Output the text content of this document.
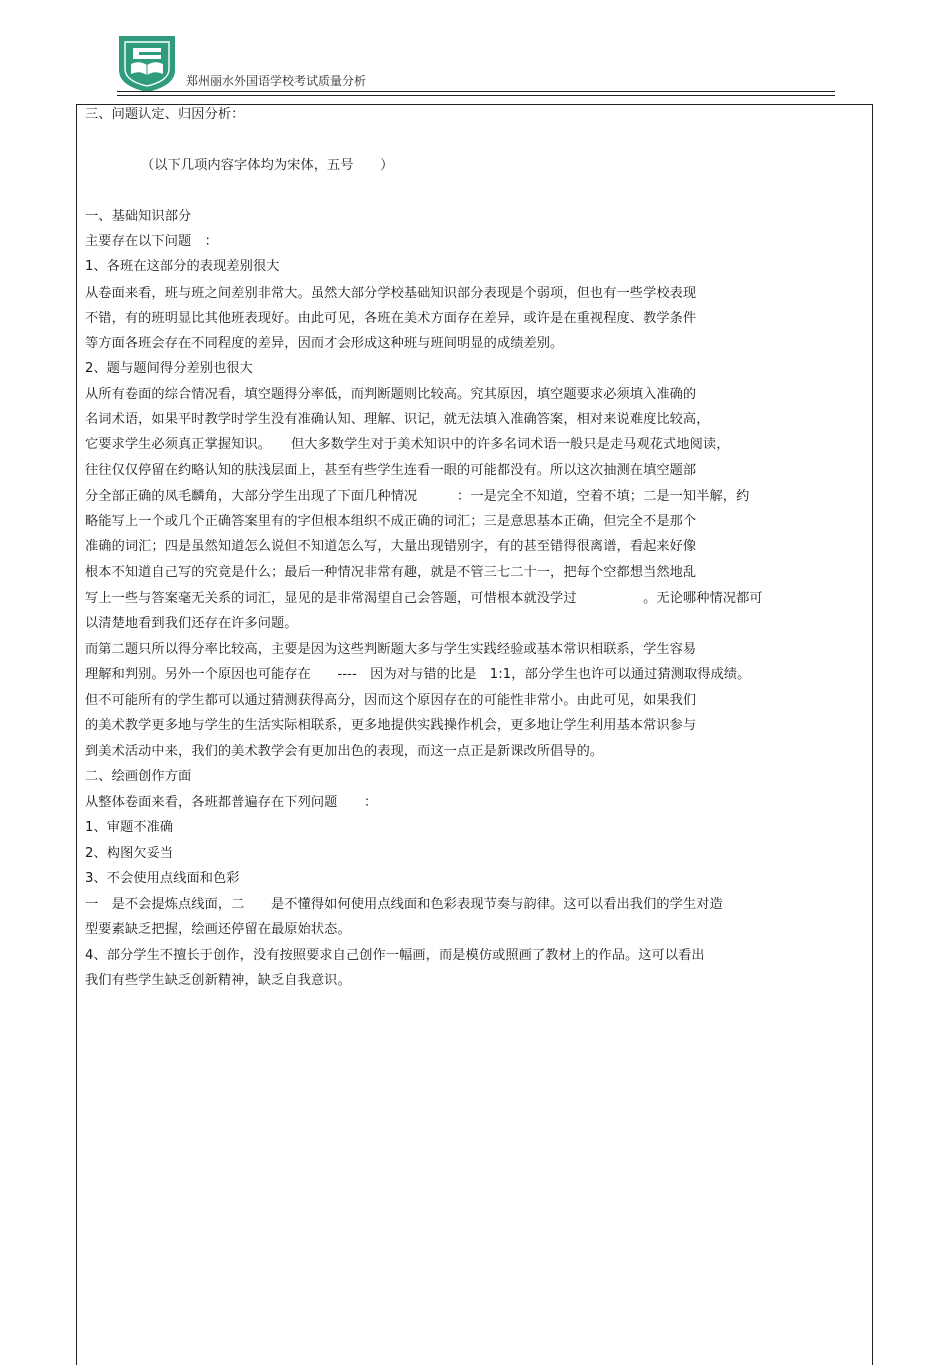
郑州丽水外国语学校考试质量分析
三、问题认定、归因分析：
（以下几项内容字体均为宋体，五号　　）
一、基础知识部分
主要存在以下问题　：
1、各班在这部分的表现差别很大
从卷面来看，班与班之间差别非常大。虽然大部分学校基础知识部分表现是个弱项，但也有一些学校表现
不错，有的班明显比其他班表现好。由此可见，各班在美术方面存在差异，或许是在重视程度、教学条件
等方面各班会存在不同程度的差异，因而才会形成这种班与班间明显的成绩差别。
2、题与题间得分差别也很大
从所有卷面的综合情况看，填空题得分率低，而判断题则比较高。究其原因，填空题要求必须填入准确的
名词术语，如果平时教学时学生没有准确认知、理解、识记，就无法填入准确答案，相对来说难度比较高，
它要求学生必须真正掌握知识。　　但大多数学生对于美术知识中的许多名词术语一般只是走马观花式地阅读，
往往仅仅停留在约略认知的肤浅层面上，甚至有些学生连看一眼的可能都没有。所以这次抽测在填空题部
分全部正确的凤毛麟角，大部分学生出现了下面几种情况　　　：一是完全不知道，空着不填；二是一知半解，约
略能写上一个或几个正确答案里有的字但根本组织不成正确的词汇；三是意思基本正确，但完全不是那个
准确的词汇；四是虽然知道怎么说但不知道怎么写，大量出现错别字，有的甚至错得很离谱，看起来好像
根本不知道自己写的究竟是什么；最后一种情况非常有趣，就是不管三七二十一，把每个空都想当然地乱
写上一些与答案毫无关系的词汇，显见的是非常渴望自己会答题，可惜根本就没学过　　　　　。无论哪种情况都可
以清楚地看到我们还存在许多问题。
而第二题只所以得分率比较高，主要是因为这些判断题大多与学生实践经验或基本常识相联系，学生容易
理解和判别。另外一个原因也可能存在　　----　因为对与错的比是　1:1，部分学生也许可以通过猜测取得成绩。
但不可能所有的学生都可以通过猜测获得高分，因而这个原因存在的可能性非常小。由此可见，如果我们
的美术教学更多地与学生的生活实际相联系，更多地提供实践操作机会，更多地让学生利用基本常识参与
到美术活动中来，我们的美术教学会有更加出色的表现，而这一点正是新课改所倡导的。
二、绘画创作方面
从整体卷面来看，各班都普遍存在下列问题　　：
1、审题不准确
2、构图欠妥当
3、不会使用点线面和色彩
一　是不会提炼点线面，二　　是不懂得如何使用点线面和色彩表现节奏与韵律。这可以看出我们的学生对造
型要素缺乏把握，绘画还停留在最原始状态。
4、部分学生不擅长于创作，没有按照要求自己创作一幅画，而是模仿或照画了教材上的作品。这可以看出
我们有些学生缺乏创新精神，缺乏自我意识。
